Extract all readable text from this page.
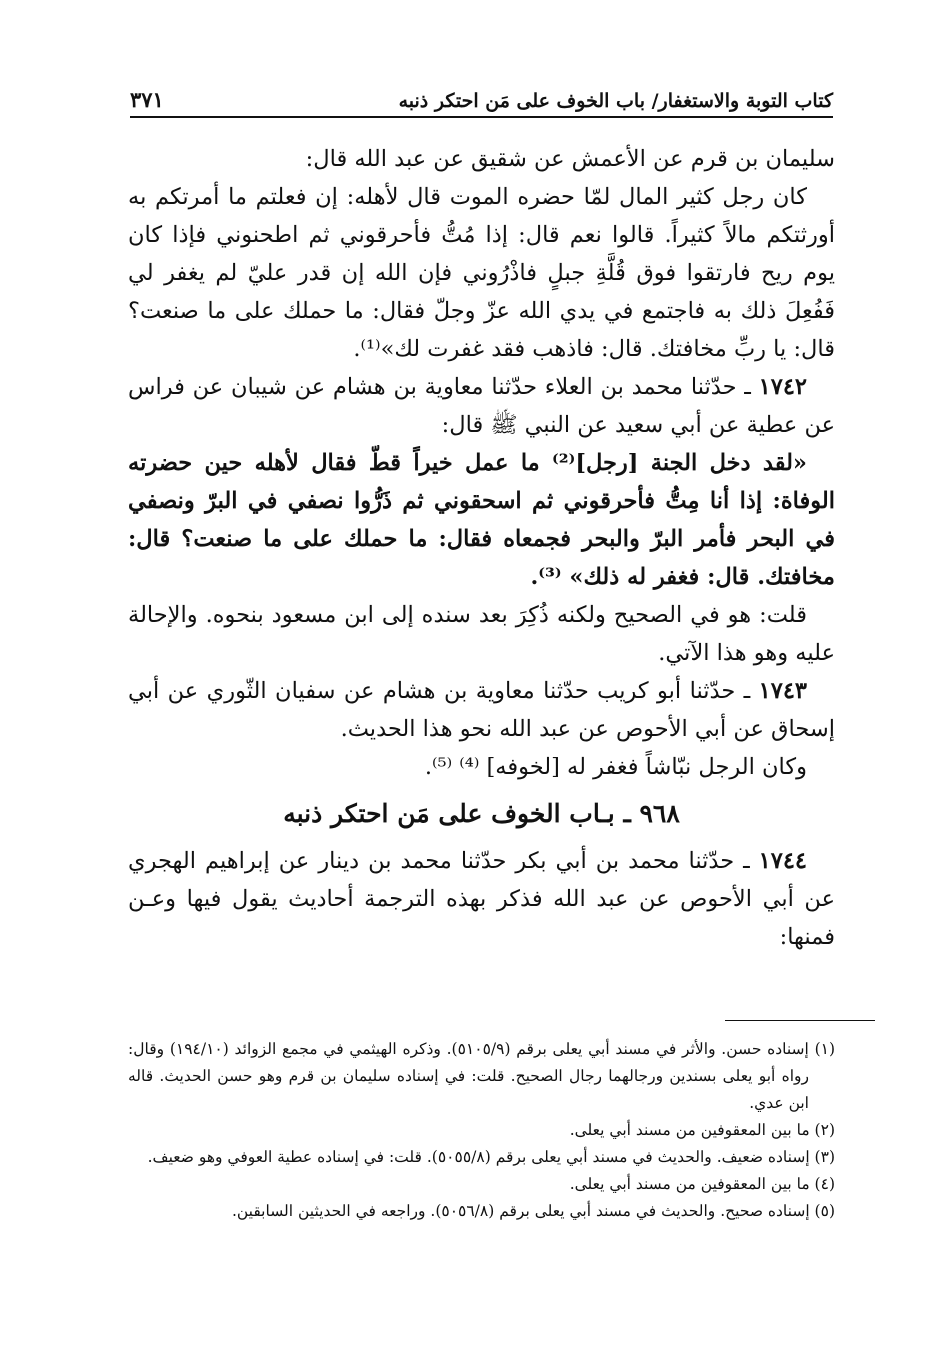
كتاب التوبة والاستغفار/ باب الخوف على مَن احتكر ذنبه
٣٧١

سليمان بن قرم عن الأعمش عن شقيق عن عبد الله قال:

كان رجل كثير المال لمّا حضره الموت قال لأهله: إن فعلتم ما أمرتكم به أورثتكم مالاً كثيراً. قالوا نعم قال: إذا مُتُّ فأحرقوني ثم اطحنوني فإذا كان يوم ريح فارتقوا فوق قُلَّةِ جبلٍ فاذْرُوني فإن الله إن قدر عليّ لم يغفر لي فَفُعِلَ ذلك به فاجتمع في يدي الله عزّ وجلّ فقال: ما حملك على ما صنعت؟ قال: يا ربِّ مخافتك. قال: فاذهب فقد غفرت لك»⁽¹⁾.

١٧٤٢ ـ حدّثنا محمد بن العلاء حدّثنا معاوية بن هشام عن شيبان عن فراس عن عطية عن أبي سعيد عن النبي ﷺ قال:

«لقد دخل الجنة [رجل]⁽²⁾ ما عمل خيراً قطّ فقال لأهله حين حضرته الوفاة: إذا أنا مِتُّ فأحرقوني ثم اسحقوني ثم ذَرُّوا نصفي في البرّ ونصفي في البحر فأمر البرّ والبحر فجمعاه فقال: ما حملك على ما صنعت؟ قال: مخافتك. قال: فغفر له ذلك» ⁽³⁾.

قلت: هو في الصحيح ولكنه ذُكِرَ بعد سنده إلى ابن مسعود بنحوه. والإحالة عليه وهو هذا الآتي.

١٧٤٣ ـ حدّثنا أبو كريب حدّثنا معاوية بن هشام عن سفيان الثّوري عن أبي إسحاق عن أبي الأحوص عن عبد الله نحو هذا الحديث.

وكان الرجل نبّاشاً فغفر له [لخوفه] ⁽⁴⁾ ⁽⁵⁾.

٩٦٨ ـ بـاب الخوف على مَن احتكر ذنبه

١٧٤٤ ـ حدّثنا محمد بن أبي بكر حدّثنا محمد بن دينار عن إبراهيم الهجري عن أبي الأحوص عن عبد الله فذكر بهذه الترجمة أحاديث يقول فيها وعـن فمنها:

(١) إسناده حسن. والأثر في مسند أبي يعلى برقم (٥١٠٥/٩). وذكره الهيثمي في مجمع الزوائد (١٩٤/١٠) وقال: رواه أبو يعلى بسندين ورجالهما رجال الصحيح. قلت: في إسناده سليمان بن قرم وهو حسن الحديث. قاله ابن عدي.

(٢) ما بين المعقوفين من مسند أبي يعلى.

(٣) إسناده ضعيف. والحديث في مسند أبي يعلى برقم (٥٠٥٥/٨). قلت: في إسناده عطية العوفي وهو ضعيف.

(٤) ما بين المعقوفين من مسند أبي يعلى.

(٥) إسناده صحيح. والحديث في مسند أبي يعلى برقم (٥٠٥٦/٨). وراجعه في الحديثين السابقين.
